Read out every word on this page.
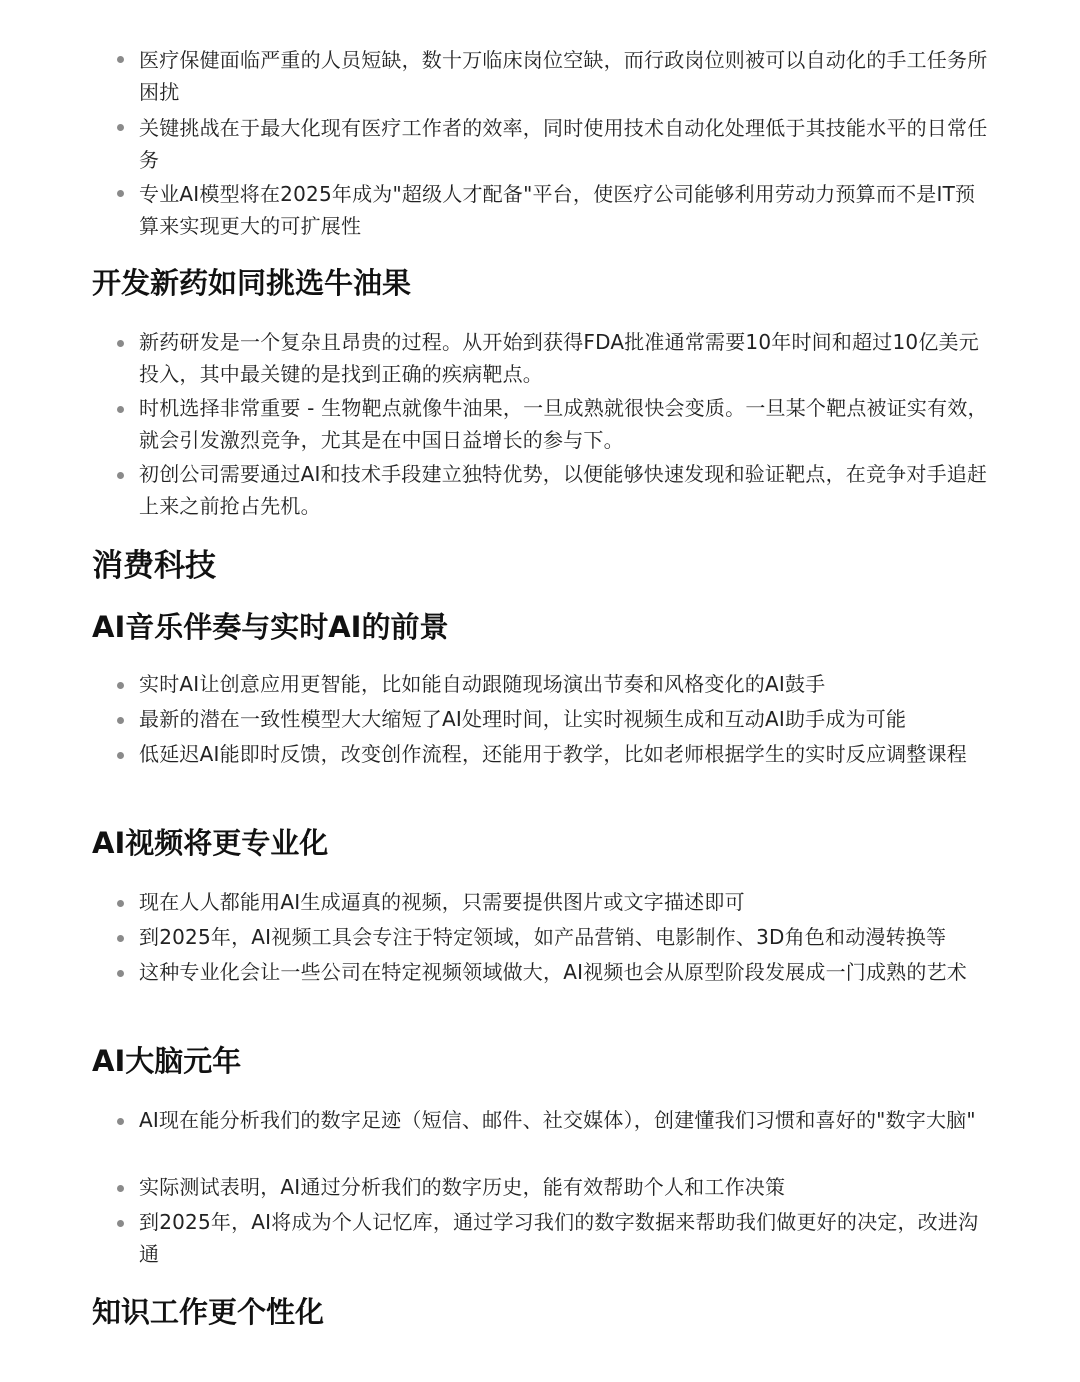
医疗保健面临严重的人员短缺，数十万临床岗位空缺，而行政岗位则被可以自动化的手工任务所困扰
关键挑战在于最大化现有医疗工作者的效率，同时使用技术自动化处理低于其技能水平的日常任务
专业AI模型将在2025年成为"超级人才配备"平台，使医疗公司能够利用劳动力预算而不是IT预算来实现更大的可扩展性
开发新药如同挑选牛油果
新药研发是一个复杂且昂贵的过程。从开始到获得FDA批准通常需要10年时间和超过10亿美元投入，其中最关键的是找到正确的疾病靶点。
时机选择非常重要 - 生物靶点就像牛油果，一旦成熟就很快会变质。一旦某个靶点被证实有效，就会引发激烈竞争，尤其是在中国日益增长的参与下。
初创公司需要通过AI和技术手段建立独特优势，以便能够快速发现和验证靶点，在竞争对手追赶上来之前抢占先机。
消费科技
AI音乐伴奏与实时AI的前景
实时AI让创意应用更智能，比如能自动跟随现场演出节奏和风格变化的AI鼓手
最新的潜在一致性模型大大缩短了AI处理时间，让实时视频生成和互动AI助手成为可能
低延迟AI能即时反馈，改变创作流程，还能用于教学，比如老师根据学生的实时反应调整课程
AI视频将更专业化
现在人人都能用AI生成逼真的视频，只需要提供图片或文字描述即可
到2025年，AI视频工具会专注于特定领域，如产品营销、电影制作、3D角色和动漫转换等
这种专业化会让一些公司在特定视频领域做大，AI视频也会从原型阶段发展成一门成熟的艺术
AI大脑元年
AI现在能分析我们的数字足迹（短信、邮件、社交媒体），创建懂我们习惯和喜好的"数字大脑"
实际测试表明，AI通过分析我们的数字历史，能有效帮助个人和工作决策
到2025年，AI将成为个人记忆库，通过学习我们的数字数据来帮助我们做更好的决定，改进沟通
知识工作更个性化
